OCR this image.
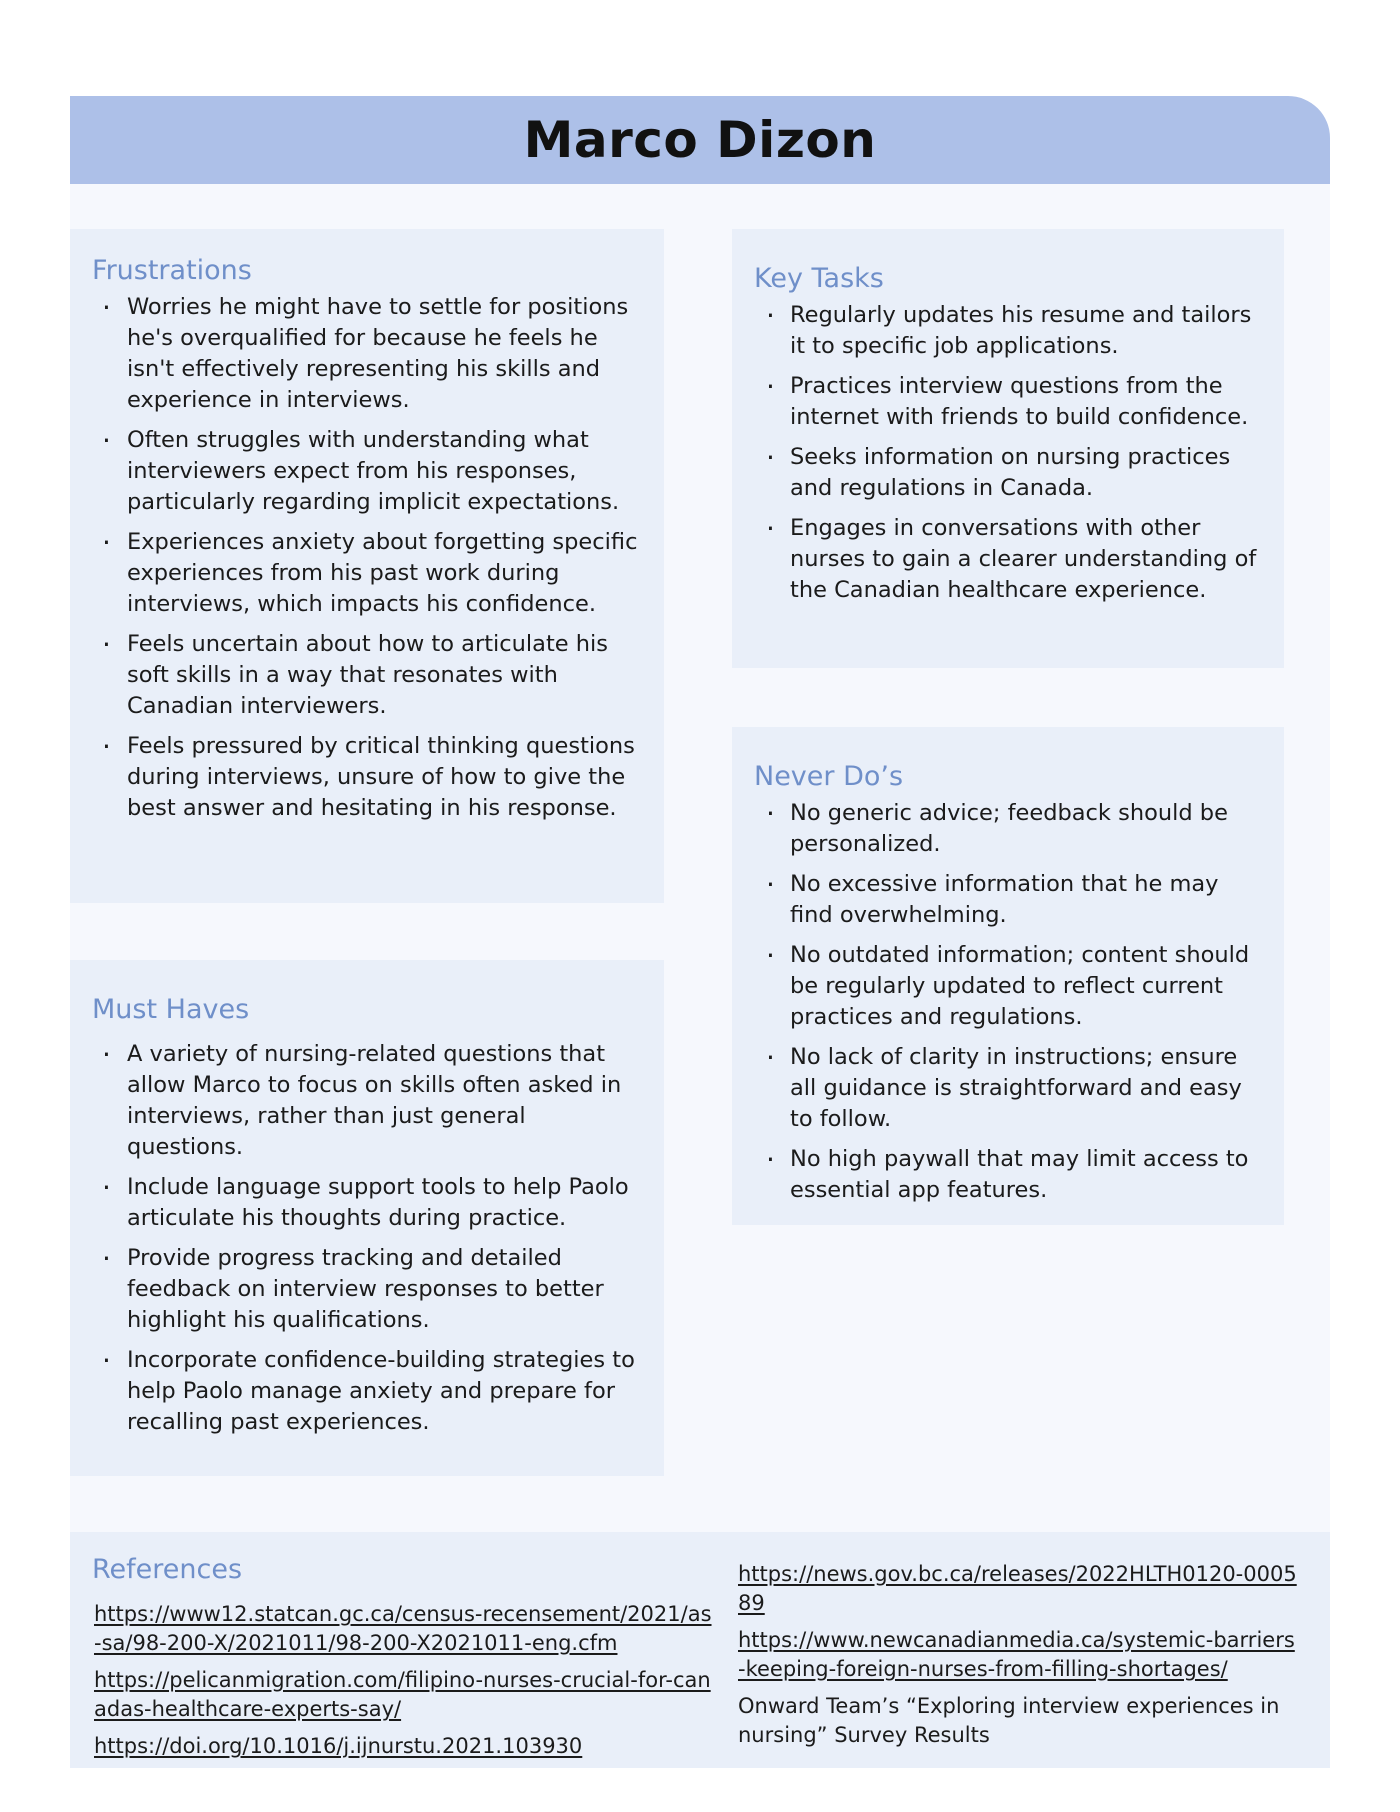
Marco Dizon
Frustrations
· Worries he might have to settle for positions he's overqualified for because he feels he isn't effectively representing his skills and experience in interviews.
· Often struggles with understanding what interviewers expect from his responses, particularly regarding implicit expectations.
· Experiences anxiety about forgetting specific experiences from his past work during interviews, which impacts his confidence.
· Feels uncertain about how to articulate his soft skills in a way that resonates with Canadian interviewers.
· Feels pressured by critical thinking questions during interviews, unsure of how to give the best answer and hesitating in his response.
Key Tasks
· Regularly updates his resume and tailors it to specific job applications.
· Practices interview questions from the internet with friends to build confidence.
· Seeks information on nursing practices and regulations in Canada.
· Engages in conversations with other nurses to gain a clearer understanding of the Canadian healthcare experience.
Never Do’s
· No generic advice; feedback should be personalized.
· No excessive information that he may find overwhelming.
· No outdated information; content should be regularly updated to reflect current practices and regulations.
· No lack of clarity in instructions; ensure all guidance is straightforward and easy to follow.
· No high paywall that may limit access to essential app features.
Must Haves
· A variety of nursing-related questions that allow Marco to focus on skills often asked in interviews, rather than just general questions.
· Include language support tools to help Paolo articulate his thoughts during practice.
· Provide progress tracking and detailed feedback on interview responses to better highlight his qualifications.
· Incorporate confidence-building strategies to help Paolo manage anxiety and prepare for recalling past experiences.
References
https://www12.statcan.gc.ca/census-recensement/2021/as-sa/98-200-X/2021011/98-200-X2021011-eng.cfm
https://pelicanmigration.com/filipino-nurses-crucial-for-canadas-healthcare-experts-say/
https://doi.org/10.1016/j.ijnurstu.2021.103930
https://news.gov.bc.ca/releases/2022HLTH0120-000589
https://www.newcanadianmedia.ca/systemic-barriers-keeping-foreign-nurses-from-filling-shortages/
Onward Team’s “Exploring interview experiences in nursing” Survey Results
